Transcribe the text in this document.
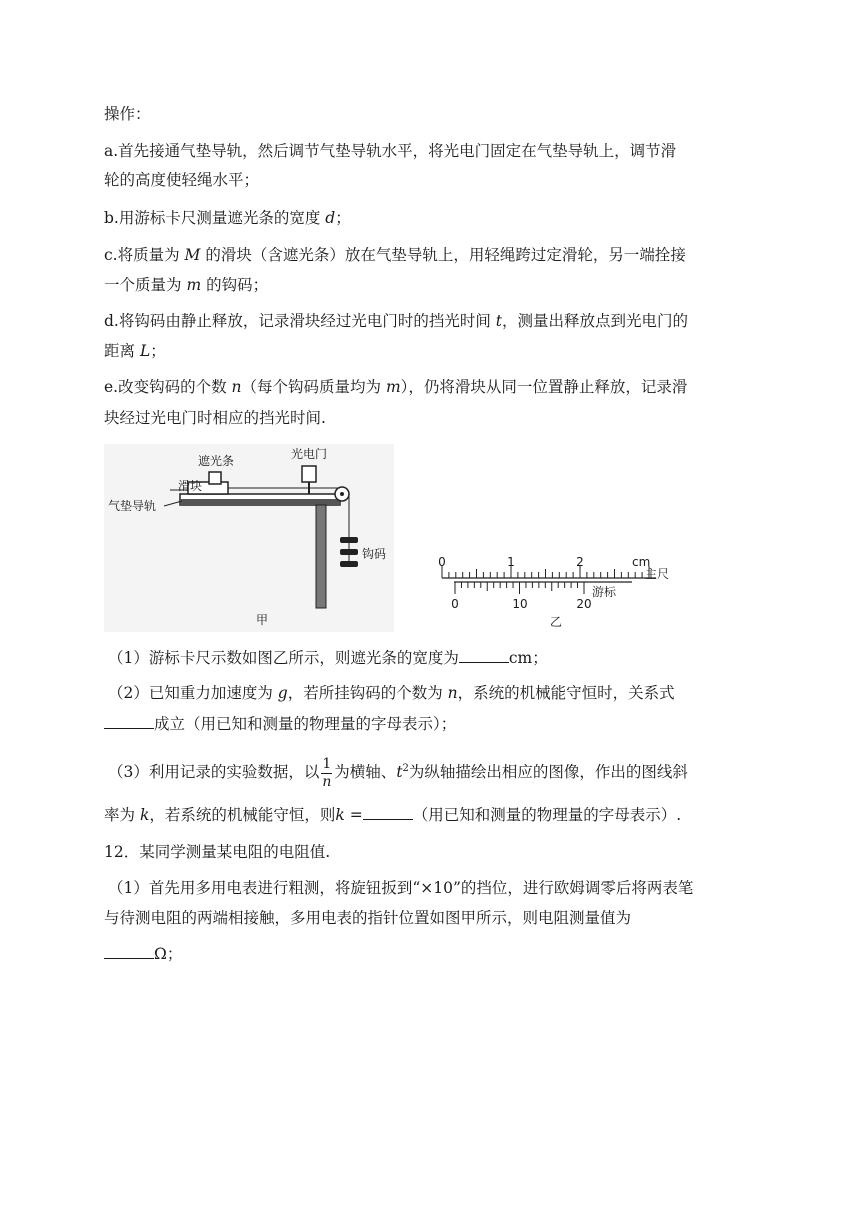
操作：
a.首先接通气垫导轨，然后调节气垫导轨水平，将光电门固定在气垫导轨上，调节滑
轮的高度使轻绳水平；
b.用游标卡尺测量遮光条的宽度 d；
c.将质量为 M 的滑块（含遮光条）放在气垫导轨上，用轻绳跨过定滑轮，另一端拴接
一个质量为 m 的钩码；
d.将钩码由静止释放，记录滑块经过光电门时的挡光时间 t，测量出释放点到光电门的
距离 L；
e.改变钩码的个数 n（每个钩码质量均为 m），仍将滑块从同一位置静止释放，记录滑
块经过光电门时相应的挡光时间.
遮光条	光电门
滑块
气垫导轨
钩码
甲
0	1	2	cm
主尺
0	10	20
游标
乙
（1）游标卡尺示数如图乙所示，则遮光条的宽度为	cm；
（2）已知重力加速度为 g，若所挂钩码的个数为 n，系统的机械能守恒时，关系式
成立（用已知和测量的物理量的字母表示）；
（3）利用记录的实验数据，以 $\frac{1}{n}$ 为横轴、$t^2$为纵轴描绘出相应的图像，作出的图线斜
率为 k，若系统的机械能守恒，则k =	（用已知和测量的物理量的字母表示）.
12．某同学测量某电阻的电阻值.
（1）首先用多用电表进行粗测，将旋钮扳到“×10”的挡位，进行欧姆调零后将两表笔
与待测电阻的两端相接触，多用电表的指针位置如图甲所示，则电阻测量值为
Ω；
